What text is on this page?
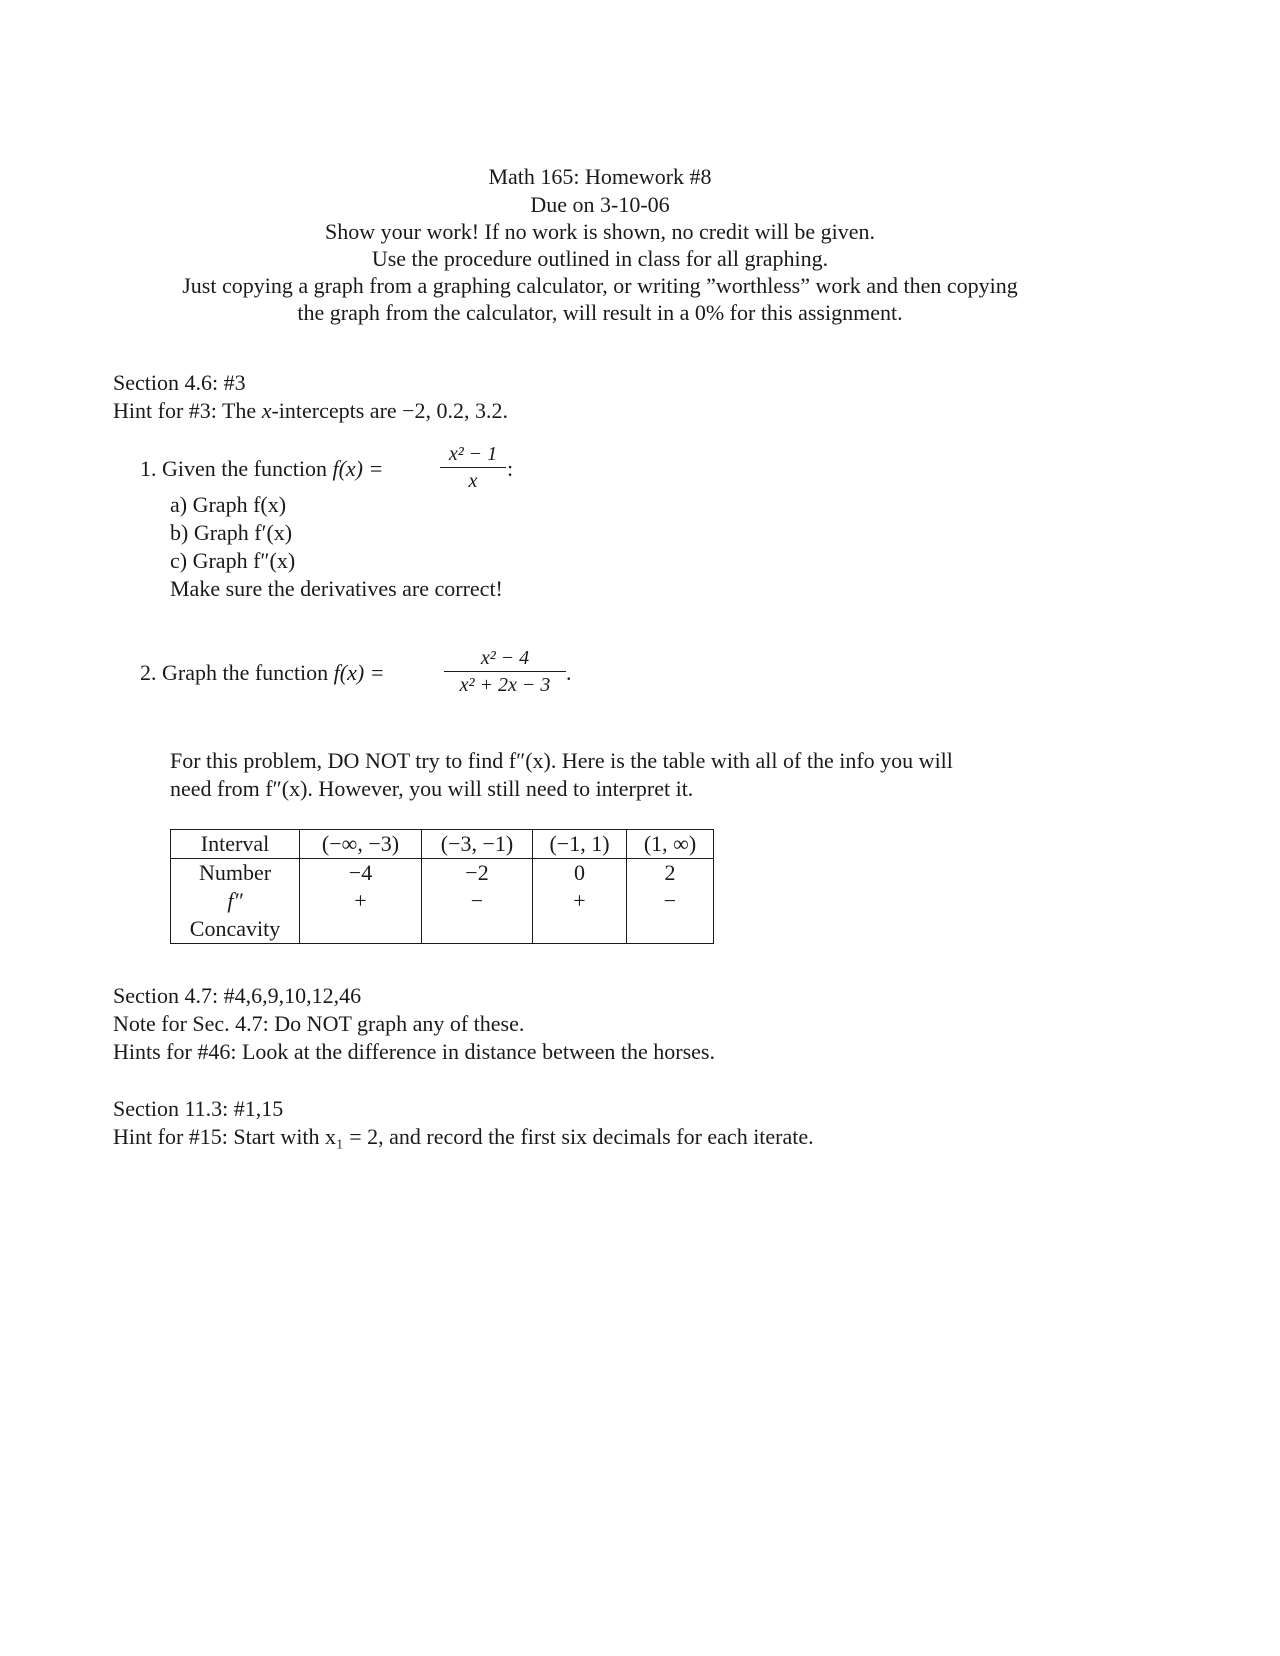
Math 165: Homework #8
Due on 3-10-06
Show your work! If no work is shown, no credit will be given.
Use the procedure outlined in class for all graphing.
Just copying a graph from a graphing calculator, or writing ”worthless” work and then copying
the graph from the calculator, will result in a 0% for this assignment.
Section 4.6: #3
Hint for #3: The x-intercepts are −2, 0.2, 3.2.
1. Given the function f(x) =
x² − 1
x	:
a) Graph f(x)
b) Graph f′(x)
c) Graph f″(x)
Make sure the derivatives are correct!
2. Graph the function f(x) =
x² − 4
x² + 2x − 3 .
For this problem, DO NOT try to find f″(x). Here is the table with all of the info you will
need from f″(x). However, you will still need to interpret it.
Interval	(−∞, −3)	(−3, −1)	(−1, 1)	(1, ∞)
Number	−4	−2	0	2
f″	+	−	+	−
Concavity				
Section 4.7: #4,6,9,10,12,46
Note for Sec. 4.7: Do NOT graph any of these.
Hints for #46: Look at the difference in distance between the horses.
Section 11.3: #1,15
Hint for #15: Start with x₁ = 2, and record the first six decimals for each iterate.
